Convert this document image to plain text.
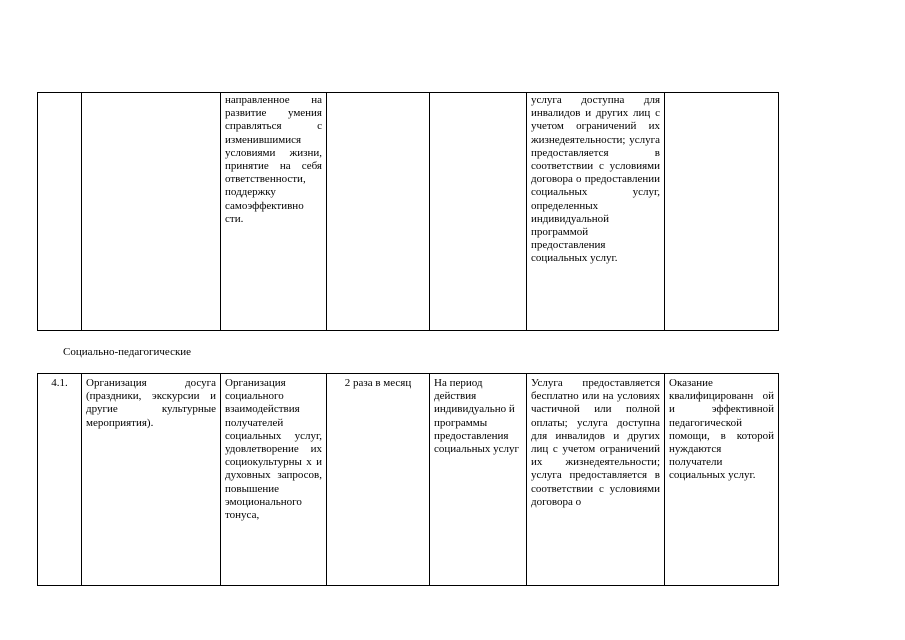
		направленное на развитие умения справляться с изменившимися условиями жизни, принятие на себя ответственности, поддержку самоэффективно сти.			услуга доступна для инвалидов и других лиц с учетом ограничений их жизнедеятельности; услуга предоставляется в соответствии с условиями договора о предоставлении социальных услуг, определенных индивидуальной программой предоставления социальных услуг.	
Социально-педагогические
4.1.	Организация досуга (праздники, экскурсии и другие культурные мероприятия).	Организация социального взаимодействия получателей социальных услуг, удовлетворение их социокультурны х и духовных запросов, повышение эмоционального тонуса,	2 раза в месяц	На период действия индивидуально й программы предоставления социальных услуг	Услуга предоставляется бесплатно или на условиях частичной или полной оплаты; услуга доступна для инвалидов и других лиц с учетом ограничений их жизнедеятельности; услуга предоставляется в соответствии с условиями договора о	Оказание квалифицированн ой и эффективной педагогической помощи, в которой нуждаются получатели социальных услуг.
